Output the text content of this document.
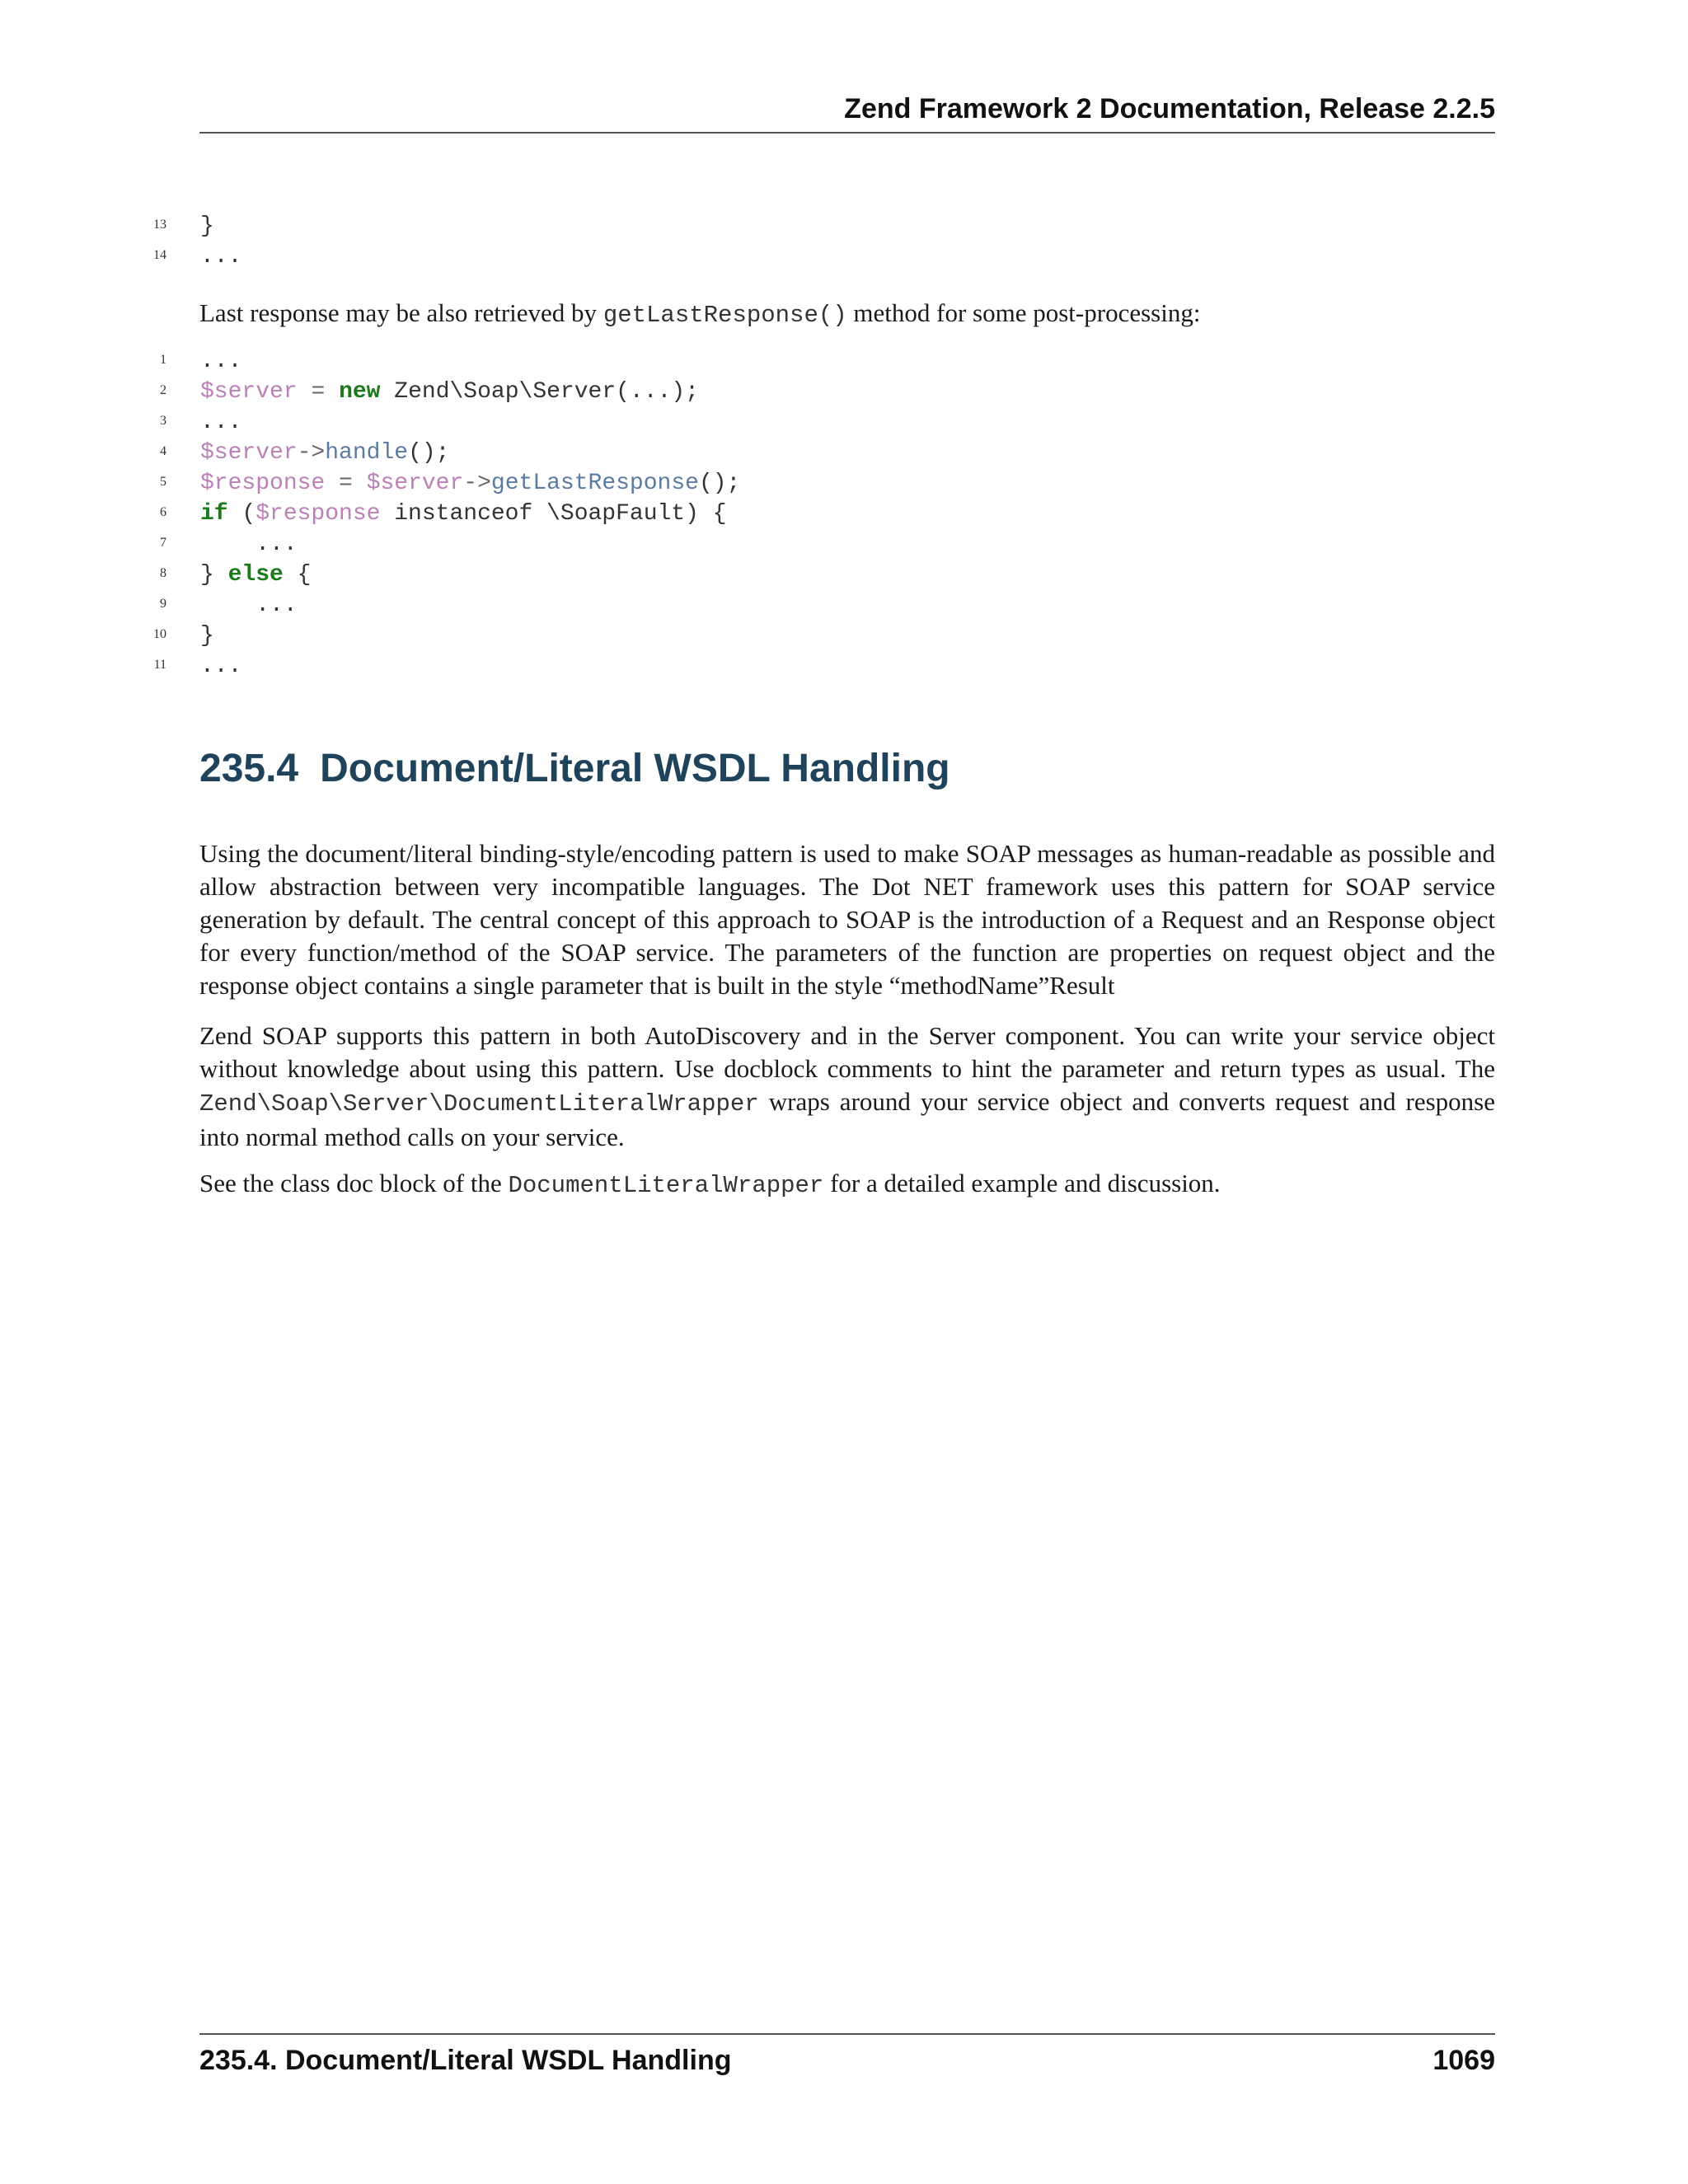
Zend Framework 2 Documentation, Release 2.2.5
13 }
14 ...

Last response may be also retrieved by getLastResponse() method for some post-processing:

1 ...
2 $server = new Zend\Soap\Server(...);
3 ...
4 $server->handle();
5 $response = $server->getLastResponse();
6 if ($response instanceof \SoapFault) {
7 ...
8 } else {
9 ...
10 }
11 ...
235.4 Document/Literal WSDL Handling

Using the document/literal binding-style/encoding pattern is used to make SOAP messages as human-readable as possible and allow abstraction between very incompatible languages. The Dot NET framework uses this pattern for SOAP service generation by default. The central concept of this approach to SOAP is the introduction of a Request and an Response object for every function/method of the SOAP service. The parameters of the function are properties on request object and the response object contains a single parameter that is built in the style “methodName”Result

Zend SOAP supports this pattern in both AutoDiscovery and in the Server component. You can write your service object without knowledge about using this pattern. Use docblock comments to hint the parameter and return types as usual. The Zend\Soap\Server\DocumentLiteralWrapper wraps around your service object and converts request and response into normal method calls on your service.

See the class doc block of the DocumentLiteralWrapper for a detailed example and discussion.

235.4. Document/Literal WSDL Handling	1069
